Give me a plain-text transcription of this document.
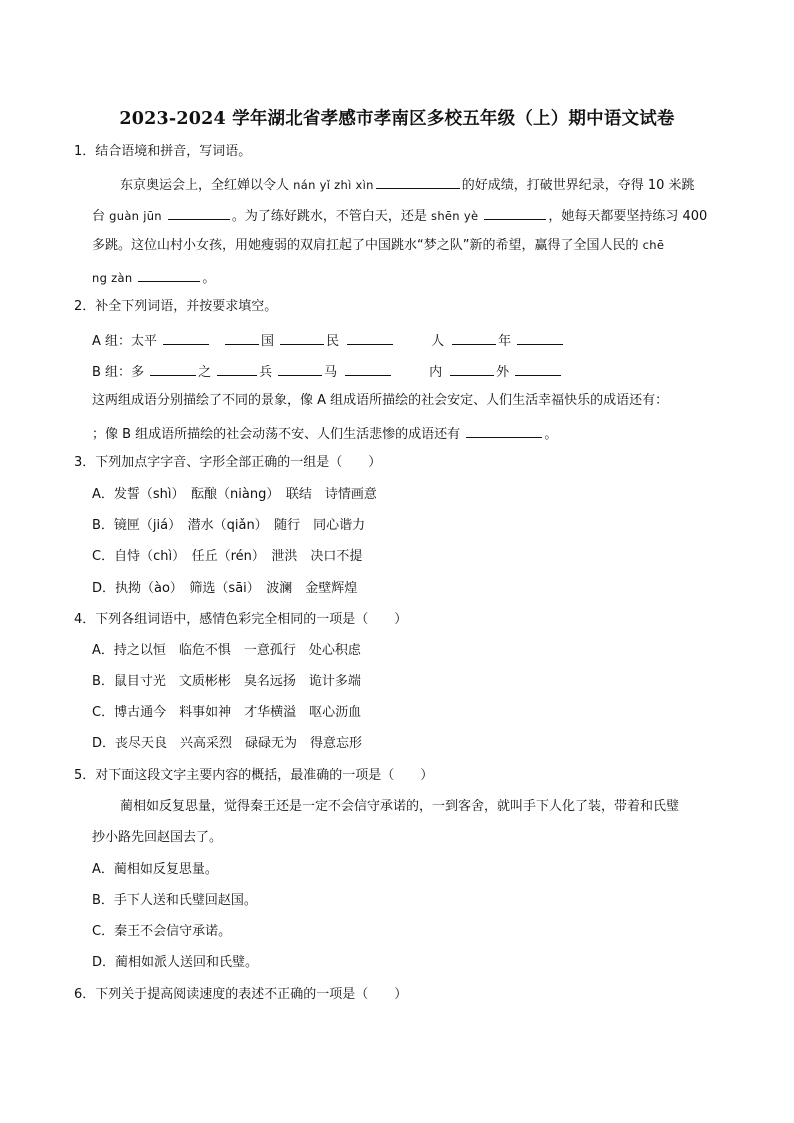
2023-2024 学年湖北省孝感市孝南区多校五年级（上）期中语文试卷
1．结合语境和拼音，写词语。
东京奥运会上，全红婵以令人 nán yǐ zhì xìn	的好成绩，打破世界纪录，夺得 10 米跳
台 guàn jūn	。为了练好跳水，不管白天，还是 shēn yè	，她每天都要坚持练习 400
多跳。这位山村小女孩，用她瘦弱的双肩扛起了中国跳水“梦之队”新的希望，赢得了全国人民的 chē
ng zàn	。
2．补全下列词语，并按要求填空。
A 组：太平	国	民	人	年
B 组：多	之	兵	马	内	外
这两组成语分别描绘了不同的景象，像 A 组成语所描绘的社会安定、人们生活幸福快乐的成语还有：
；像 B 组成语所描绘的社会动荡不安、人们生活悲惨的成语还有	。
3．下列加点字字音、字形全部正确的一组是（　　）
A．发誓（shì）　酝酿（niàng）　联结　诗情画意
B．镜匣（jiá）　潜水（qiǎn）　随行　同心谐力
C．自恃（chì）　任丘（rén）　泄洪　决口不提
D．执拗（ào）　筛选（sāi）　波澜　金壁辉煌
4．下列各组词语中，感情色彩完全相同的一项是（　　）
A．持之以恒　临危不惧　一意孤行　处心积虑
B．鼠目寸光　文质彬彬　臭名远扬　诡计多端
C．博古通今　料事如神　才华横溢　呕心沥血
D．丧尽天良　兴高采烈　碌碌无为　得意忘形
5．对下面这段文字主要内容的概括，最准确的一项是（　　）
蔺相如反复思量，觉得秦王还是一定不会信守承诺的，一到客舍，就叫手下人化了装，带着和氏璧
抄小路先回赵国去了。
A．蔺相如反复思量。
B．手下人送和氏璧回赵国。
C．秦王不会信守承诺。
D．蔺相如派人送回和氏璧。
6．下列关于提高阅读速度的表述不正确的一项是（　　）
